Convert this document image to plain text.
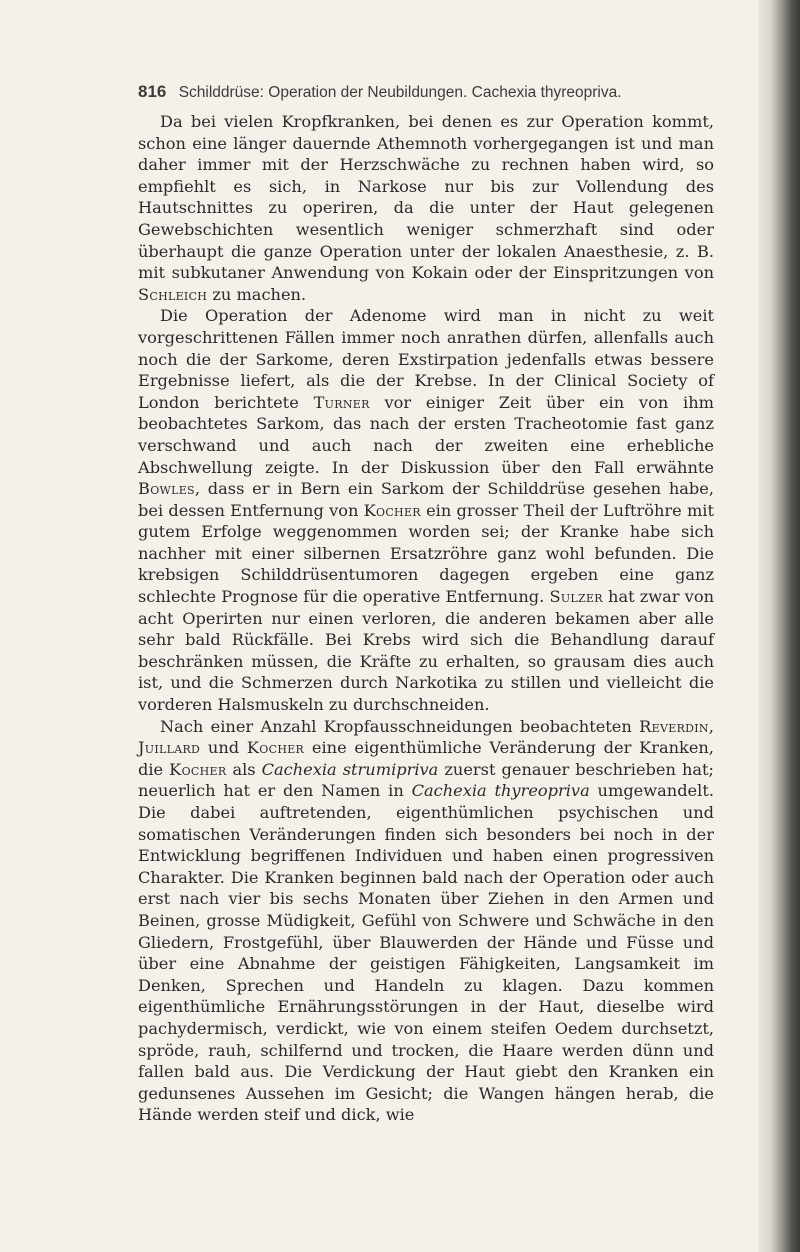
816 Schilddrüse: Operation der Neubildungen. Cachexia thyreopriva.

Da bei vielen Kropfkranken, bei denen es zur Operation kommt, schon eine länger dauernde Athemnoth vorhergegangen ist und man daher immer mit der Herzschwäche zu rechnen haben wird, so empfiehlt es sich, in Narkose nur bis zur Vollendung des Hautschnittes zu operiren, da die unter der Haut gelegenen Gewebschichten wesentlich weniger schmerzhaft sind oder überhaupt die ganze Operation unter der lokalen Anaesthesie, z. B. mit subkutaner Anwendung von Kokain oder der Einspritzungen von Schleich zu machen.

Die Operation der Adenome wird man in nicht zu weit vorgeschrittenen Fällen immer noch anrathen dürfen, allenfalls auch noch die der Sarkome, deren Exstirpation jedenfalls etwas bessere Ergebnisse liefert, als die der Krebse. In der Clinical Society of London berichtete Turner vor einiger Zeit über ein von ihm beobachtetes Sarkom, das nach der ersten Tracheotomie fast ganz verschwand und auch nach der zweiten eine erhebliche Abschwellung zeigte. In der Diskussion über den Fall erwähnte Bowles, dass er in Bern ein Sarkom der Schilddrüse gesehen habe, bei dessen Entfernung von Kocher ein grosser Theil der Luftröhre mit gutem Erfolge weggenommen worden sei; der Kranke habe sich nachher mit einer silbernen Ersatzröhre ganz wohl befunden. Die krebsigen Schilddrüsentumoren dagegen ergeben eine ganz schlechte Prognose für die operative Entfernung. Sulzer hat zwar von acht Operirten nur einen verloren, die anderen bekamen aber alle sehr bald Rückfälle. Bei Krebs wird sich die Behandlung darauf beschränken müssen, die Kräfte zu erhalten, so grausam dies auch ist, und die Schmerzen durch Narkotika zu stillen und vielleicht die vorderen Halsmuskeln zu durchschneiden.

Nach einer Anzahl Kropfausschneidungen beobachteten Reverdin, Juillard und Kocher eine eigenthümliche Veränderung der Kranken, die Kocher als Cachexia strumipriva zuerst genauer beschrieben hat; neuerlich hat er den Namen in Cachexia thyreopriva umgewandelt. Die dabei auftretenden, eigenthümlichen psychischen und somatischen Veränderungen finden sich besonders bei noch in der Entwicklung begriffenen Individuen und haben einen progressiven Charakter. Die Kranken beginnen bald nach der Operation oder auch erst nach vier bis sechs Monaten über Ziehen in den Armen und Beinen, grosse Müdigkeit, Gefühl von Schwere und Schwäche in den Gliedern, Frostgefühl, über Blauwerden der Hände und Füsse und über eine Abnahme der geistigen Fähigkeiten, Langsamkeit im Denken, Sprechen und Handeln zu klagen. Dazu kommen eigenthümliche Ernährungsstörungen in der Haut, dieselbe wird pachydermisch, verdickt, wie von einem steifen Oedem durchsetzt, spröde, rauh, schilfernd und trocken, die Haare werden dünn und fallen bald aus. Die Verdickung der Haut giebt den Kranken ein gedunsenes Aussehen im Gesicht; die Wangen hängen herab, die Hände werden steif und dick, wie
